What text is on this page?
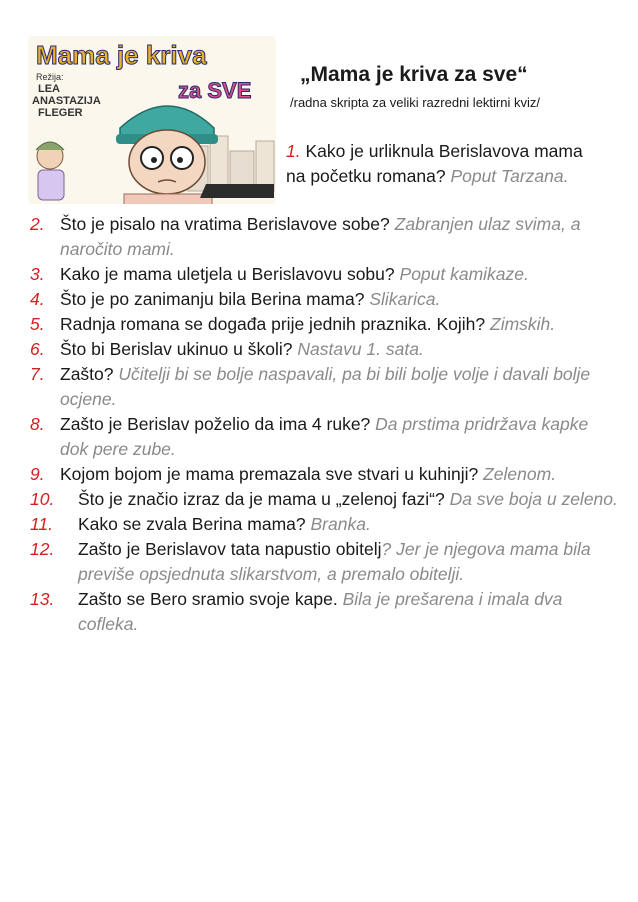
Mama je kriva
za SVE
Režija:
LEA
ANASTAZIJA
FLEGER
„Mama je kriva za sve“
/radna skripta za veliki razredni lektirni kviz/
1. Kako je urliknula Berislavova mama na početku romana? Poput Tarzana.
2. Što je pisalo na vratima Berislavove sobe? Zabranjen ulaz svima, a naročito mami.
3. Kako je mama uletjela u Berislavovu sobu? Poput kamikaze.
4. Što je po zanimanju bila Berina mama? Slikarica.
5. Radnja romana se događa prije jednih praznika. Kojih? Zimskih.
6. Što bi Berislav ukinuo u školi? Nastavu 1. sata.
7. Zašto? Učitelji bi se bolje naspavali, pa bi bili bolje volje i davali bolje ocjene.
8. Zašto je Berislav poželio da ima 4 ruke? Da prstima pridržava kapke dok pere zube.
9. Kojom bojom je mama premazala sve stvari u kuhinji? Zelenom.
10.	Što je značio izraz da je mama u „zelenoj fazi“? Da sve boja u zeleno.
11.	Kako se zvala Berina mama? Branka.
12.	Zašto je Berislavov tata napustio obitelj? Jer je njegova mama bila previše opsjednuta slikarstvom, a premalo obitelji.
13.	Zašto se Bero sramio svoje kape. Bila je prešarena i imala dva cofleka.
